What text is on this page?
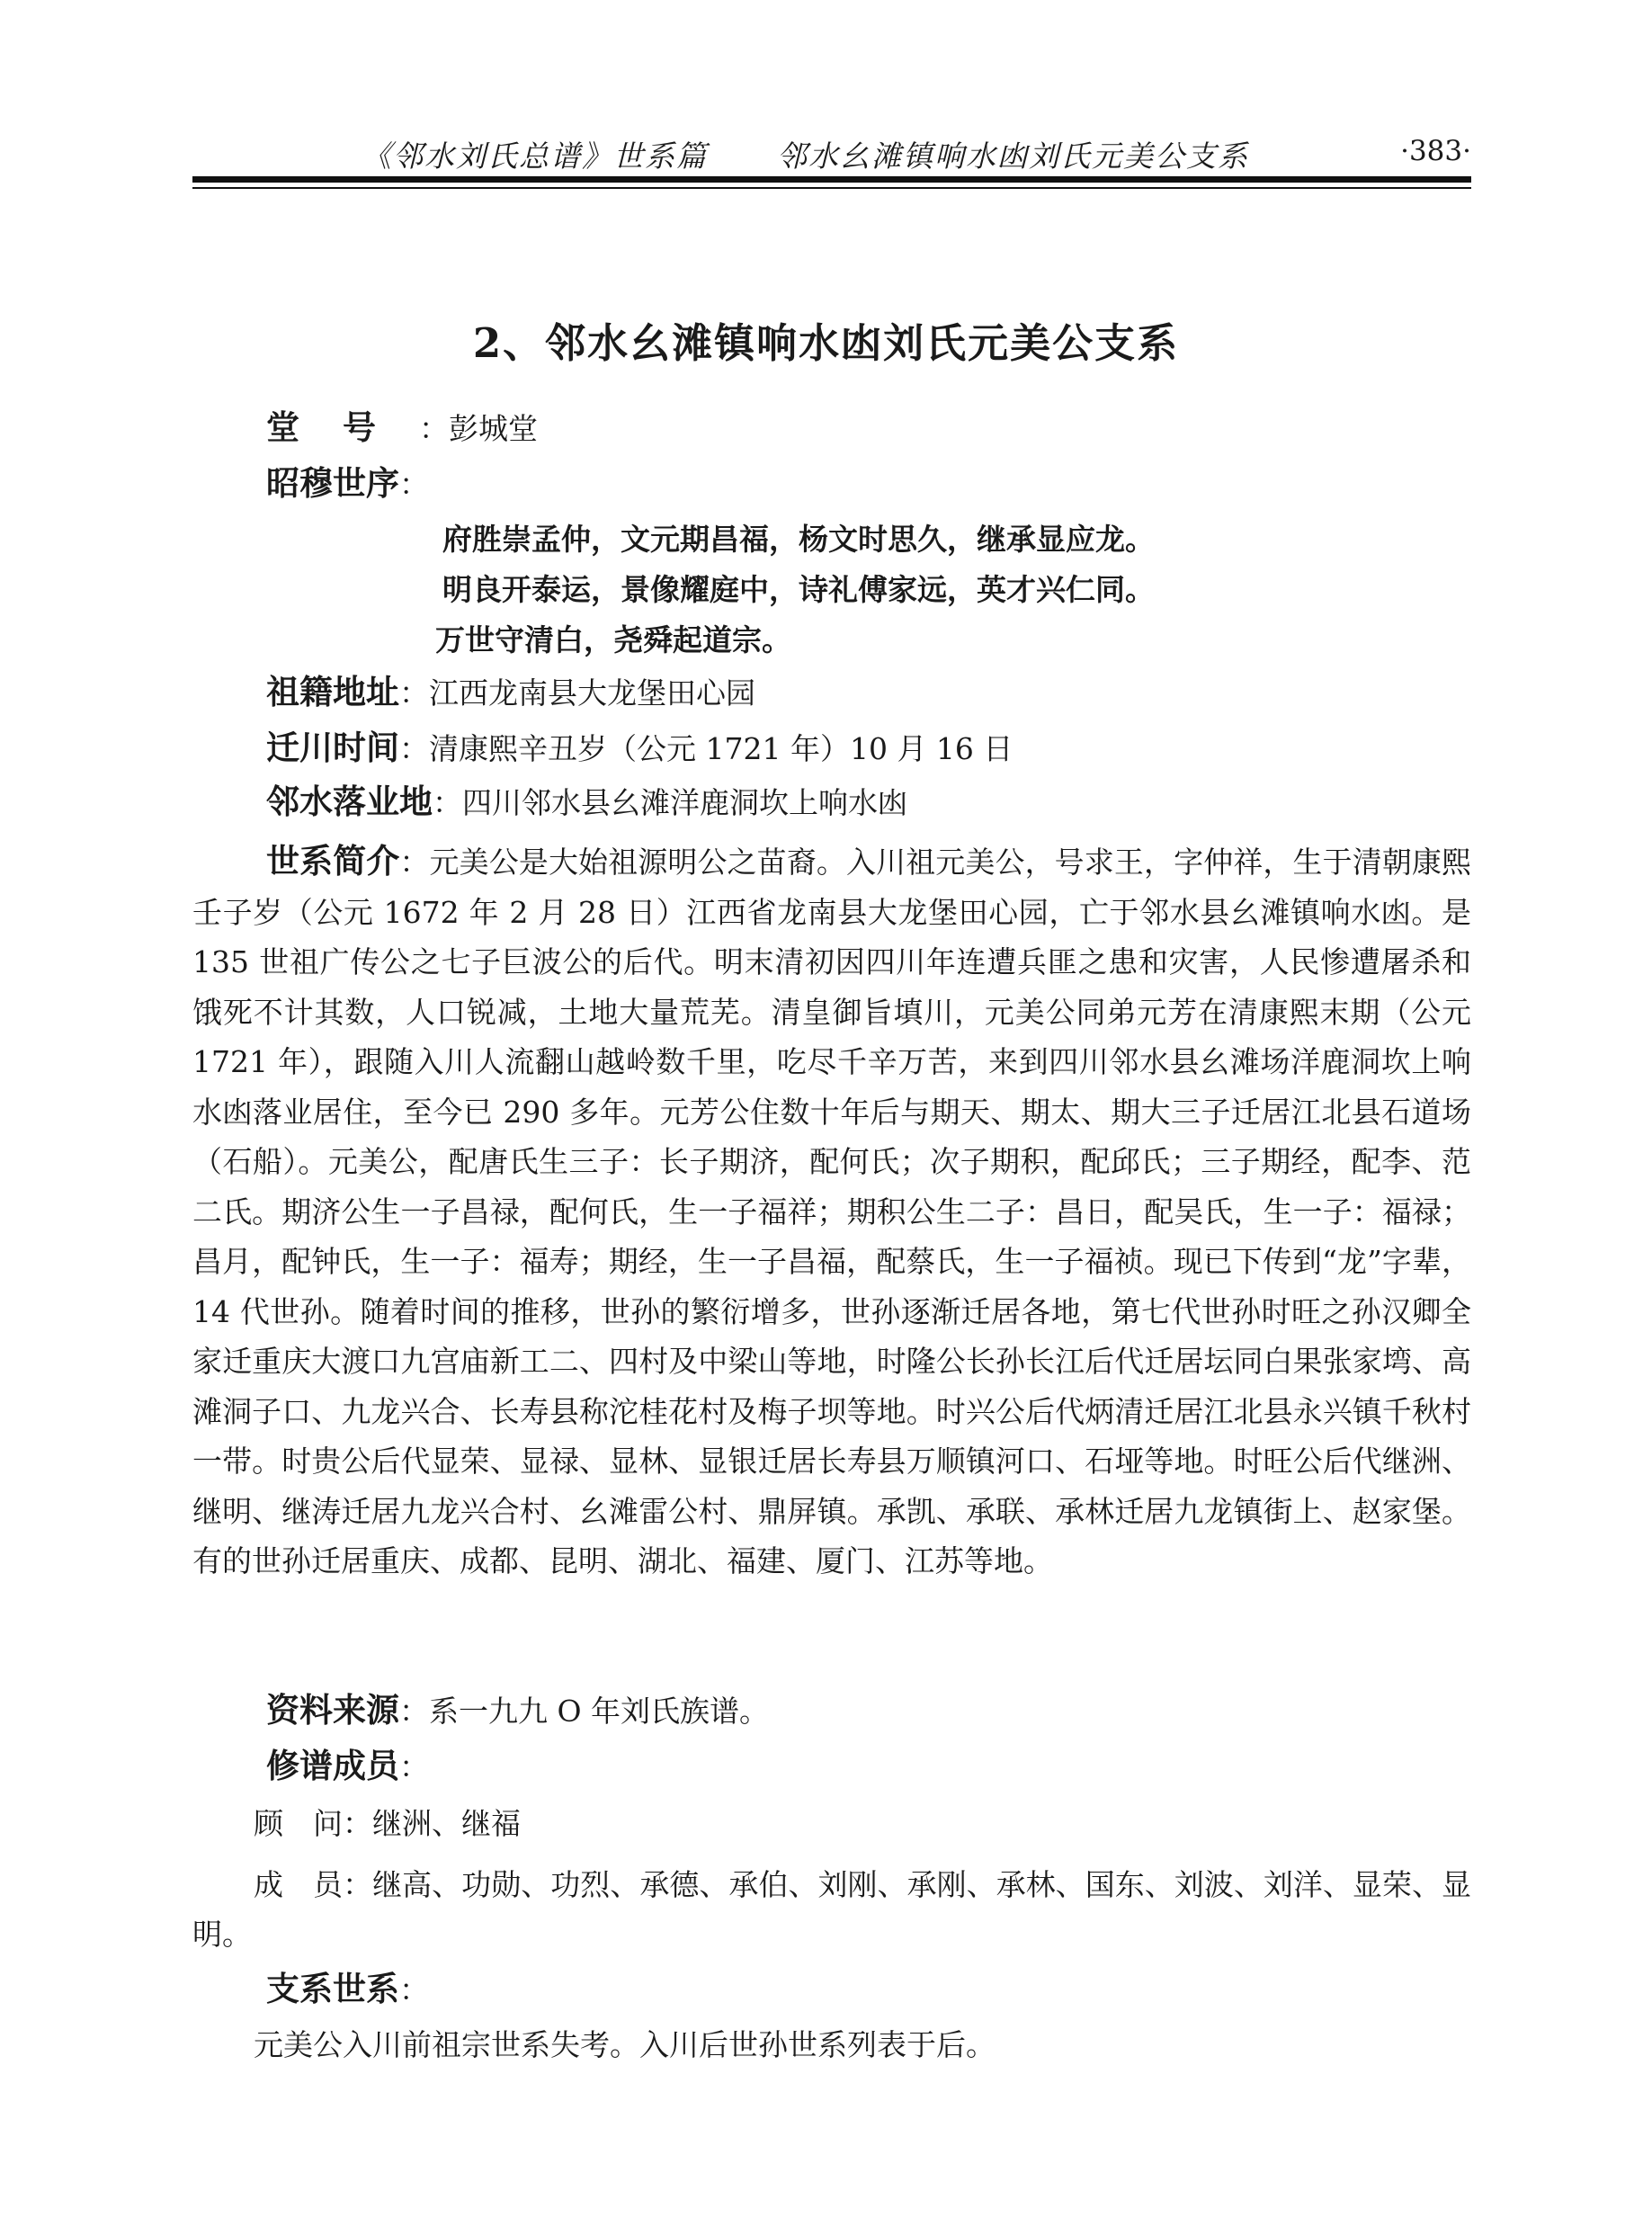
《邻水刘氏总谱》世系篇 邻水幺滩镇响水凼刘氏元美公支系	·383·
2、邻水幺滩镇响水凼刘氏元美公支系
堂号：彭城堂
昭穆世序：
府胜崇孟仲，文元期昌福，杨文时思久，继承显应龙。
明良开泰运，景像耀庭中，诗礼傅家远，英才兴仁同。
万世守清白，尧舜起道宗。
祖籍地址：江西龙南县大龙堡田心园
迁川时间：清康熙辛丑岁（公元 1721 年）10 月 16 日
邻水落业地：四川邻水县幺滩洋鹿洞坎上响水凼
世系简介：元美公是大始祖源明公之苗裔。入川祖元美公，号求王，字仲祥，生于清朝康熙壬子岁（公元 1672 年 2 月 28 日）江西省龙南县大龙堡田心园，亡于邻水县幺滩镇响水凼。是 135 世祖广传公之七子巨波公的后代。明末清初因四川年连遭兵匪之患和灾害，人民惨遭屠杀和饿死不计其数，人口锐减，土地大量荒芜。清皇御旨填川，元美公同弟元芳在清康熙末期（公元 1721 年），跟随入川人流翻山越岭数千里，吃尽千辛万苦，来到四川邻水县幺滩场洋鹿洞坎上响水凼落业居住，至今已 290 多年。元芳公住数十年后与期天、期太、期大三子迁居江北县石道场（石船）。元美公，配唐氏生三子：长子期济，配何氏；次子期积，配邱氏；三子期经，配李、范二氏。期济公生一子昌禄，配何氏，生一子福祥；期积公生二子：昌日，配吴氏，生一子：福禄；昌月，配钟氏，生一子：福寿；期经，生一子昌福，配蔡氏，生一子福祯。现已下传到“龙”字辈，14 代世孙。随着时间的推移，世孙的繁衍增多，世孙逐渐迁居各地，第七代世孙时旺之孙汉卿全家迁重庆大渡口九宫庙新工二、四村及中梁山等地，时隆公长孙长江后代迁居坛同白果张家塆、高滩洞子口、九龙兴合、长寿县称沱桂花村及梅子坝等地。时兴公后代炳清迁居江北县永兴镇千秋村一带。时贵公后代显荣、显禄、显林、显银迁居长寿县万顺镇河口、石垭等地。时旺公后代继洲、继明、继涛迁居九龙兴合村、幺滩雷公村、鼎屏镇。承凯、承联、承林迁居九龙镇街上、赵家堡。有的世孙迁居重庆、成都、昆明、湖北、福建、厦门、江苏等地。
资料来源：系一九九 O 年刘氏族谱。
修谱成员：
顾　问：继洲、继福
成　员：继高、功勋、功烈、承德、承伯、刘刚、承刚、承林、国东、刘波、刘洋、显荣、显明。
支系世系：
元美公入川前祖宗世系失考。入川后世孙世系列表于后。
